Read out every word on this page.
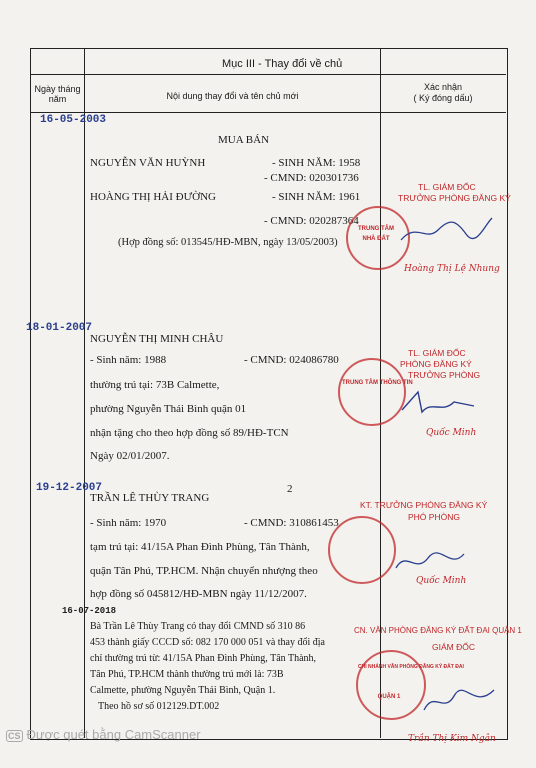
Mục III - Thay đổi về chủ
Ngày tháng năm	Nội dung thay đổi và tên chủ mới
Xác nhận
( Ký đóng dấu)
16-05-2003
MUA BÁN
NGUYỄN VĂN HUỲNH	- SINH NĂM: 1958
- CMND: 020301736
HOÀNG THỊ HẢI ĐƯỜNG	- SINH NĂM: 1961
- CMND: 020287364
(Hợp đồng số: 013545/HĐ-MBN, ngày 13/05/2003)
TL. GIÁM ĐỐC
TRƯỞNG PHÒNG ĐĂNG KÝ
TRUNG TÂM
NHÀ ĐẤT
Hoàng Thị Lệ Nhung
18-01-2007
NGUYỄN THỊ MINH CHÂU
- Sinh năm: 1988	- CMND: 024086780
thường trú tại: 73B Calmette,
phường Nguyễn Thái Bình quận 01
nhận tặng cho theo hợp đồng số 89/HĐ-TCN
Ngày 02/01/2007.
TL. GIÁM ĐỐC
PHÒNG ĐĂNG KÝ
TRƯỞNG PHÒNG
TRUNG TÂM THÔNG TIN
Quốc Minh
19-12-2007	2
TRẦN LÊ THÙY TRANG
- Sinh năm: 1970	- CMND: 310861453
tạm trú tại: 41/15A Phan Đình Phùng, Tân Thành,
quận Tân Phú, TP.HCM. Nhận chuyển nhượng theo
hợp đồng số 045812/HĐ-MBN ngày 11/12/2007.
KT. TRƯỞNG PHÒNG ĐĂNG KÝ
PHÓ PHÒNG
Quốc Minh
16-07-2018
Bà Trần Lê Thùy Trang có thay đổi CMND số 310 86
453 thành giấy CCCD số: 082 170 000 051 và thay đổi địa
chỉ thường trú từ: 41/15A Phan Đình Phùng, Tân Thành,
Tân Phú, TP.HCM thành thường trú mới là: 73B
Calmette, phường Nguyễn Thái Bình, Quận 1.
Theo hồ sơ số 012129.DT.002
CN. VĂN PHÒNG ĐĂNG KÝ ĐẤT ĐAI QUẬN 1
GIÁM ĐỐC
CHI NHÁNH VĂN PHÒNG ĐĂNG KÝ ĐẤT ĐAI
QUẬN 1
Trần Thị Kim Ngân
CS Được quét bằng CamScanner
